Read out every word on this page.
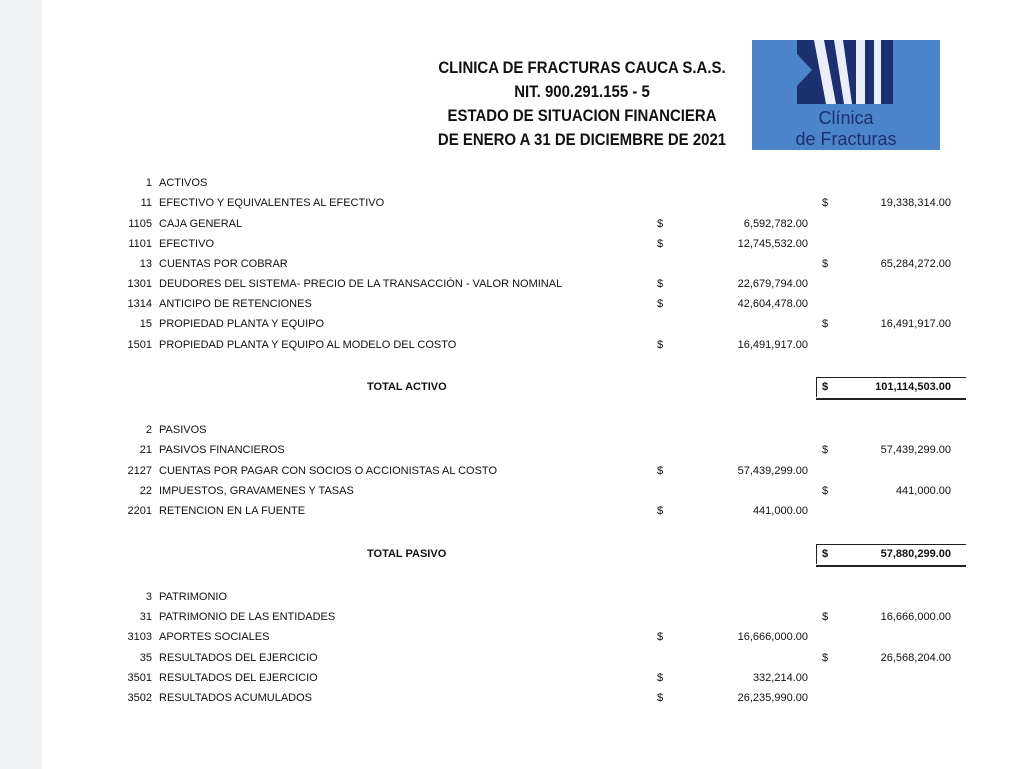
CLINICA DE FRACTURAS CAUCA S.A.S.
NIT. 900.291.155 - 5
ESTADO DE SITUACION FINANCIERA
DE ENERO A 31 DE DICIEMBRE DE 2021
Clínica
de Fracturas
1 ACTIVOS
11 EFECTIVO Y EQUIVALENTES AL EFECTIVO	$	19,338,314.00
1105 CAJA GENERAL	$	6,592,782.00
1101 EFECTIVO	$	12,745,532.00
13 CUENTAS POR COBRAR	$	65,284,272.00
1301 DEUDORES DEL SISTEMA- PRECIO DE LA TRANSACCIÓN - VALOR NOMINAL	$	22,679,794.00
1314 ANTICIPO DE RETENCIONES	$	42,604,478.00
15 PROPIEDAD PLANTA Y EQUIPO	$	16,491,917.00
1501 PROPIEDAD PLANTA Y EQUIPO AL MODELO DEL COSTO	$	16,491,917.00
TOTAL ACTIVO	$	101,114,503.00
2 PASIVOS
21 PASIVOS FINANCIEROS	$	57,439,299.00
2127 CUENTAS POR PAGAR CON SOCIOS O ACCIONISTAS AL COSTO	$	57,439,299.00
22 IMPUESTOS, GRAVAMENES Y TASAS	$	441,000.00
2201 RETENCION EN LA FUENTE	$	441,000.00
TOTAL PASIVO	$	57,880,299.00
3 PATRIMONIO
31 PATRIMONIO DE LAS ENTIDADES	$	16,666,000.00
3103 APORTES SOCIALES	$	16,666,000.00
35 RESULTADOS DEL EJERCICIO	$	26,568,204.00
3501 RESULTADOS DEL EJERCICIO	$	332,214.00
3502 RESULTADOS ACUMULADOS	$	26,235,990.00
